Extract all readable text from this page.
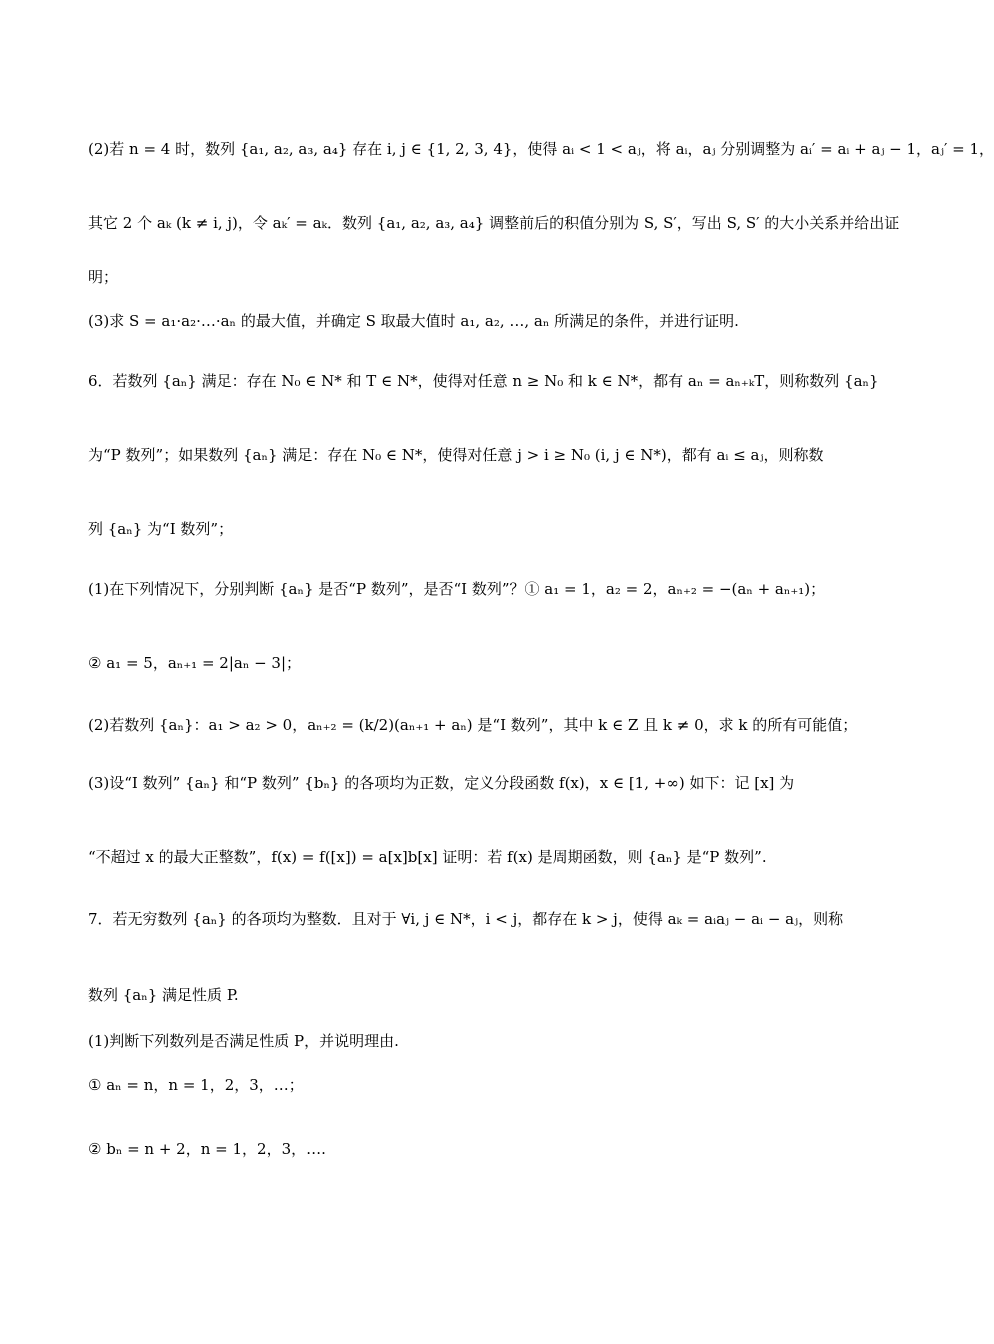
(2)若 n = 4 时，数列 {a₁, a₂, a₃, a₄} 存在 i, j ∈ {1, 2, 3, 4}，使得 aᵢ < 1 < aⱼ，将 aᵢ，aⱼ 分别调整为 aᵢ′ = aᵢ + aⱼ − 1，aⱼ′ = 1，
其它 2 个 aₖ (k ≠ i, j)，令 aₖ′ = aₖ．数列 {a₁, a₂, a₃, a₄} 调整前后的积值分别为 S, S′，写出 S, S′ 的大小关系并给出证
明；
(3)求 S = a₁·a₂·…·aₙ 的最大值，并确定 S 取最大值时 a₁, a₂, …, aₙ 所满足的条件，并进行证明.
6．若数列 {aₙ} 满足：存在 N₀ ∈ N* 和 T ∈ N*，使得对任意 n ≥ N₀ 和 k ∈ N*，都有 aₙ = aₙ₊ₖT，则称数列 {aₙ}
为“P 数列”；如果数列 {aₙ} 满足：存在 N₀ ∈ N*，使得对任意 j > i ≥ N₀ (i, j ∈ N*)，都有 aᵢ ≤ aⱼ，则称数
列 {aₙ} 为“I 数列”；
(1)在下列情况下，分别判断 {aₙ} 是否“P 数列”，是否“I 数列”？① a₁ = 1，a₂ = 2，aₙ₊₂ = −(aₙ + aₙ₊₁)；
② a₁ = 5，aₙ₊₁ = 2|aₙ − 3|；
(2)若数列 {aₙ}：a₁ > a₂ > 0，aₙ₊₂ = (k/2)(aₙ₊₁ + aₙ) 是“I 数列”，其中 k ∈ Z 且 k ≠ 0，求 k 的所有可能值；
(3)设“I 数列” {aₙ} 和“P 数列” {bₙ} 的各项均为正数，定义分段函数 f(x)，x ∈ [1, +∞) 如下：记 [x] 为
“不超过 x 的最大正整数”，f(x) = f([x]) = a[x]b[x] 证明：若 f(x) 是周期函数，则 {aₙ} 是“P 数列”.
7．若无穷数列 {aₙ} 的各项均为整数．且对于 ∀i, j ∈ N*，i < j，都存在 k > j，使得 aₖ = aᵢaⱼ − aᵢ − aⱼ，则称
数列 {aₙ} 满足性质 P.
(1)判断下列数列是否满足性质 P，并说明理由.
① aₙ = n，n = 1，2，3，…；
② bₙ = n + 2，n = 1，2，3，….
